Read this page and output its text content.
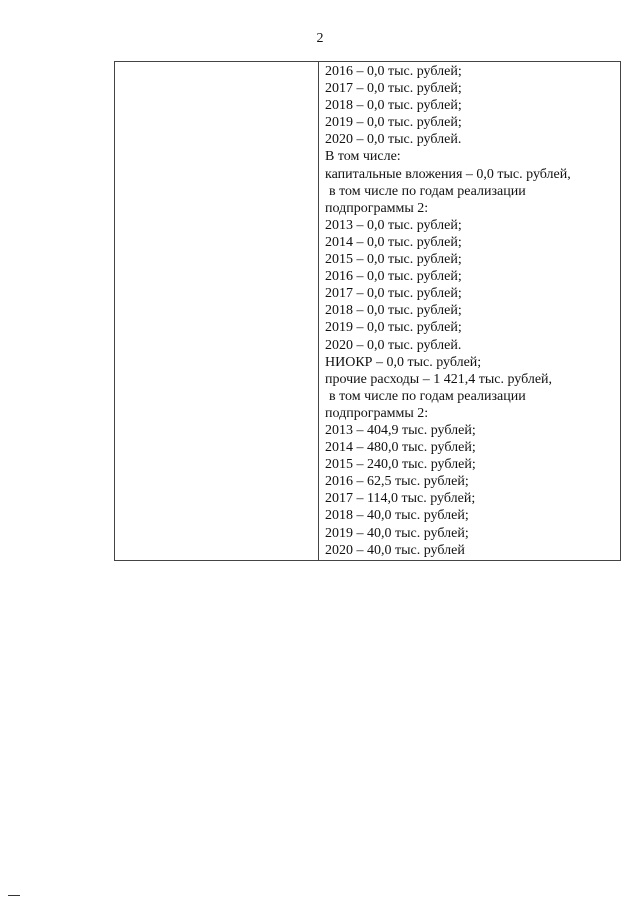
2
2016 – 0,0 тыс. рублей;
2017 – 0,0 тыс. рублей;
2018 – 0,0 тыс. рублей;
2019 – 0,0 тыс. рублей;
2020 – 0,0 тыс. рублей.
В том числе:
капитальные вложения – 0,0 тыс. рублей,
в том числе по годам реализации
подпрограммы 2:
2013 – 0,0 тыс. рублей;
2014 – 0,0 тыс. рублей;
2015 – 0,0 тыс. рублей;
2016 – 0,0 тыс. рублей;
2017 – 0,0 тыс. рублей;
2018 – 0,0 тыс. рублей;
2019 – 0,0 тыс. рублей;
2020 – 0,0 тыс. рублей.
НИОКР – 0,0 тыс. рублей;
прочие расходы – 1 421,4 тыс. рублей,
в том числе по годам реализации
подпрограммы 2:
2013 – 404,9 тыс. рублей;
2014 – 480,0 тыс. рублей;
2015 – 240,0 тыс. рублей;
2016 – 62,5 тыс. рублей;
2017 – 114,0 тыс. рублей;
2018 – 40,0 тыс. рублей;
2019 – 40,0 тыс. рублей;
2020 – 40,0 тыс. рублей
